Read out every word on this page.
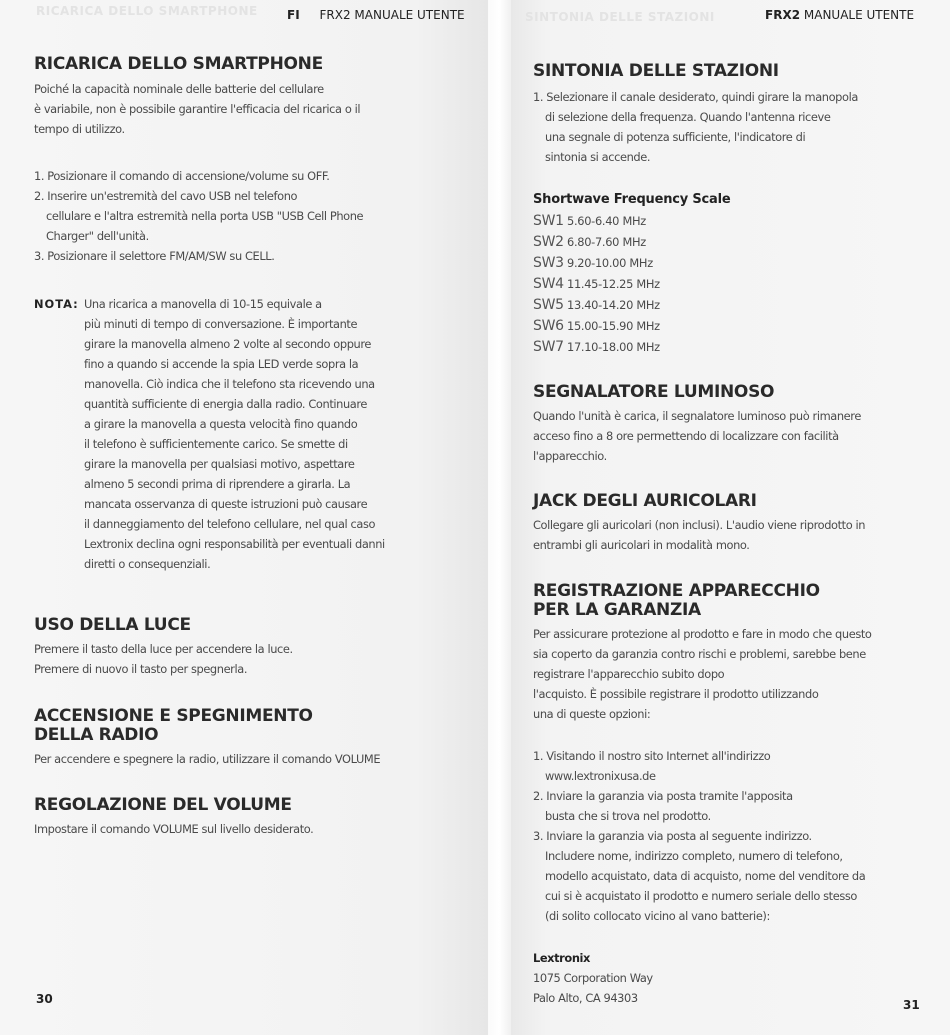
RICARICA DELLO SMARTPHONE FI FRX2 MANUALE UTENTE
RICARICA DELLO SMARTPHONE

Poiché la capacità nominale delle batterie del cellulare

è variabile, non è possibile garantire l'efficacia del ricarica o il

tempo di utilizzo.

1. Posizionare il comando di accensione/volume su OFF.

2. Inserire un'estremità del cavo USB nel telefono

cellulare e l'altra estremità nella porta USB "USB Cell Phone

Charger" dell'unità.

3. Posizionare il selettore FM/AM/SW su CELL.

NOTA: Una ricarica a manovella di 10-15 equivale a

più minuti di tempo di conversazione. È importante

girare la manovella almeno 2 volte al secondo oppure

fino a quando si accende la spia LED verde sopra la

manovella. Ciò indica che il telefono sta ricevendo una

quantità sufficiente di energia dalla radio. Continuare

a girare la manovella a questa velocità fino quando

il telefono è sufficientemente carico. Se smette di

girare la manovella per qualsiasi motivo, aspettare

almeno 5 secondi prima di riprendere a girarla. La

mancata osservanza di queste istruzioni può causare

il danneggiamento del telefono cellulare, nel qual caso

Lextronix declina ogni responsabilità per eventuali danni

diretti o consequenziali.

USO DELLA LUCE

Premere il tasto della luce per accendere la luce.

Premere di nuovo il tasto per spegnerla.

ACCENSIONE E SPEGNIMENTO
DELLA RADIO

Per accendere e spegnere la radio, utilizzare il comando VOLUME

REGOLAZIONE DEL VOLUME

Impostare il comando VOLUME sul livello desiderato.

30
SINTONIA DELLE STAZIONI	FRX2 MANUALE UTENTE
SINTONIA DELLE STAZIONI

1. Selezionare il canale desiderato, quindi girare la manopola

di selezione della frequenza. Quando l'antenna riceve

una segnale di potenza sufficiente, l'indicatore di

sintonia si accende.

Shortwave Frequency Scale
SW1 5.60-6.40 MHz
SW2 6.80-7.60 MHz
SW3 9.20-10.00 MHz
SW4 11.45-12.25 MHz
SW5 13.40-14.20 MHz
SW6 15.00-15.90 MHz
SW7 17.10-18.00 MHz
SEGNALATORE LUMINOSO

Quando l'unità è carica, il segnalatore luminoso può rimanere

acceso fino a 8 ore permettendo di localizzare con facilità

l'apparecchio.

JACK DEGLI AURICOLARI

Collegare gli auricolari (non inclusi). L'audio viene riprodotto in

entrambi gli auricolari in modalità mono.

REGISTRAZIONE APPARECCHIO
PER LA GARANZIA

Per assicurare protezione al prodotto e fare in modo che questo

sia coperto da garanzia contro rischi e problemi, sarebbe bene

registrare l'apparecchio subito dopo

l'acquisto. È possibile registrare il prodotto utilizzando

una di queste opzioni:

1. Visitando il nostro sito Internet all'indirizzo

www.lextronixusa.de

2. Inviare la garanzia via posta tramite l'apposita

busta che si trova nel prodotto.

3. Inviare la garanzia via posta al seguente indirizzo.

Includere nome, indirizzo completo, numero di telefono,

modello acquistato, data di acquisto, nome del venditore da

cui si è acquistato il prodotto e numero seriale dello stesso

(di solito collocato vicino al vano batterie):

Lextronix

1075 Corporation Way

Palo Alto, CA 94303	31
